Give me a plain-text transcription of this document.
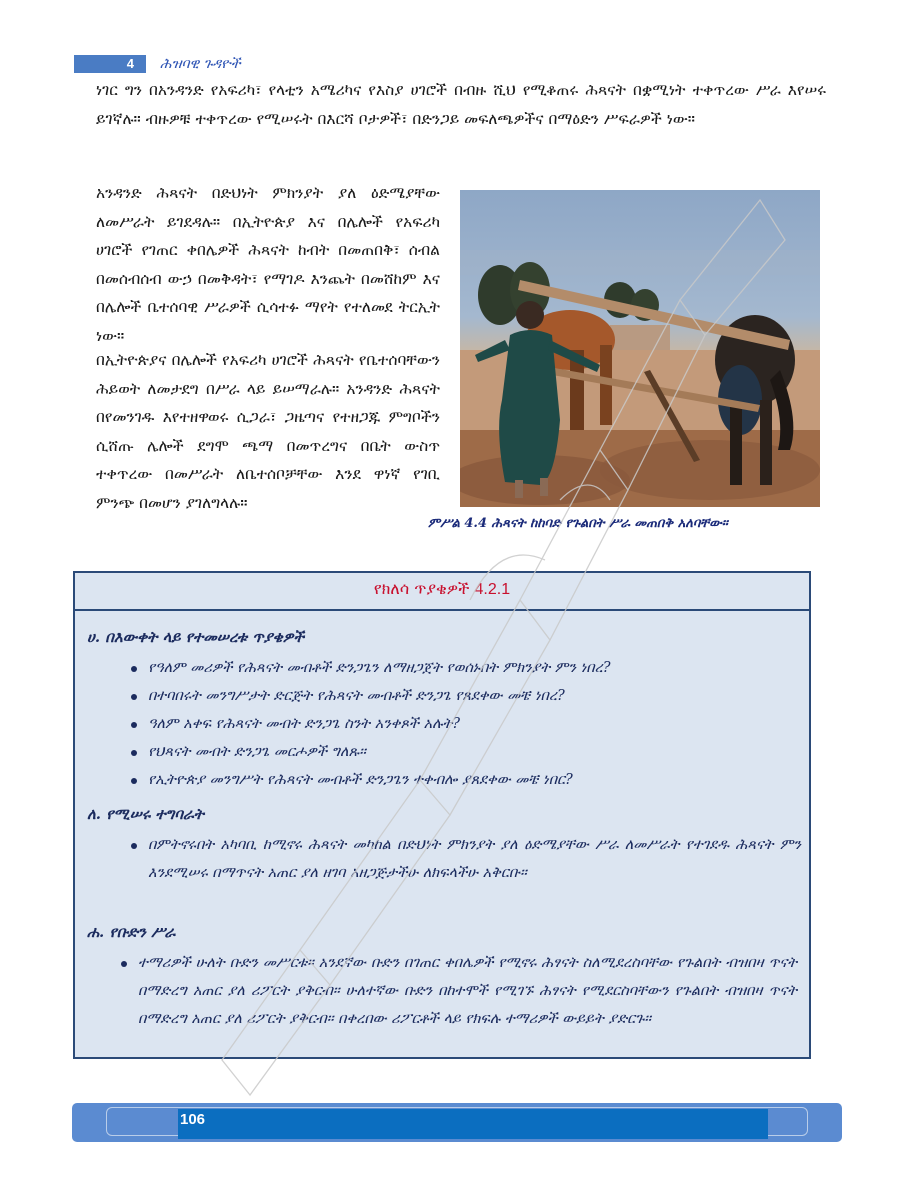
4	ሕዝባዊ ጉዳዮች

ነገር ግን በአንዳንድ የአፍሪካ፣ የላቲን አሜሪካና የእስያ ሀገሮች በብዙ ሺህ የሚቆጠሩ ሕጻናት በቋሚነት ተቀጥረው ሥራ እየሠሩ ይገኛሉ። ብዙዎቹ ተቀጥረው የሚሠሩት በእርሻ ቦታዎች፣ በድንጋይ መፍለጫዎችና በማዕድን ሥፍራዎች ነው።

አንዳንድ ሕጻናት በድህነት ምክንያት ያለ ዕድሜያቸው ለመሥራት ይገደዳሉ። በኢትዮጵያ እና በሌሎች የአፍሪካ ሀገሮች የገጠር ቀበሌዎች ሕጻናት ከብት በመጠበቅ፣ ሰብል በመሰብሰብ ውኃ በመቅዳት፣ የማገዶ እንጨት በመሸከም እና በሌሎች ቤተሰባዊ ሥራዎች ሲሳተፉ ማየት የተለመደ ትርኢት ነው።

በኢትዮጵያና በሌሎች የአፍሪካ ሀገሮች ሕጻናት የቤተሰባቸውን ሕይወት ለመታደግ በሥራ ላይ ይሠማራሉ። አንዳንድ ሕጻናት በየመንገዱ እየተዘዋወሩ ሲጋራ፣ ጋዜጣና የተዘጋጁ ምግቦችን ሲሸጡ ሌሎች ደግሞ ጫማ በመጥረግና በቤት ውስጥ ተቀጥረው በመሥራት ለቤተሰቦቻቸው እንደ ዋነኛ የገቢ ምንጭ በመሆን ያገለግላሉ።

ምሥል 4.4 ሕጻናት ከከባድ የጉልበት ሥራ መጠበቅ አለባቸው።
የክለሳ ጥያቄዎች 4.2.1
ሀ. በእውቀት ላይ የተመሠረቱ ጥያቄዎች
የዓለም መሪዎች የሕጻናት መብቶች ድንጋጌን ለማዘጋጀት የወሰኑበት ምክንያት ምን ነበረ?
በተባበሩት መንግሥታት ድርጅት የሕጻናት መብቶች ድንጋጌ የጸደቀው መቼ ነበረ?
ዓለም አቀፍ የሕጻናት መብት ድንጋጌ ስንት አንቀጾች አሉት?
የህጻናት መብት ድንጋጌ መርሖዎች ግለጹ።
የኢትዮጵያ መንግሥት የሕጻናት መብቶች ድንጋጌን ተቀብሎ ያጸደቀው መቼ ነበር?
ለ. የሚሠሩ ተግባራት
በምትኖሩበት አካባቢ ከሚኖሩ ሕጻናት መካከል በድህነት ምክንያት ያለ ዕድሜያቸው ሥራ ለመሥራት የተገደዱ ሕጻናት ምን እንደሚሠሩ በማጥናት አጠር ያለ ዘገባ አዘጋጅታችሁ ለክፍላችሁ አቅርቡ።
ሐ. የቡድን ሥራ
ተማሪዎች ሁለት ቡድን መሥርቱ። አንደኛው ቡድን በገጠር ቀበሌዎች የሚኖሩ ሕፃናት ስለሚደረስባቸው የጉልበት ብዝበዛ ጥናት በማድረግ አጠር ያለ ሪፖርት ያቅርብ። ሁለተኛው ቡድን በከተሞች የሚገኙ ሕፃናት የሚደርስባቸውን የጉልበት ብዝበዛ ጥናት በማድረግ አጠር ያለ ሪፖርት ያቅርብ። በቀረበው ሪፖርቶች ላይ የክፍሉ ተማሪዎች ውይይት ያድርጉ።
106
